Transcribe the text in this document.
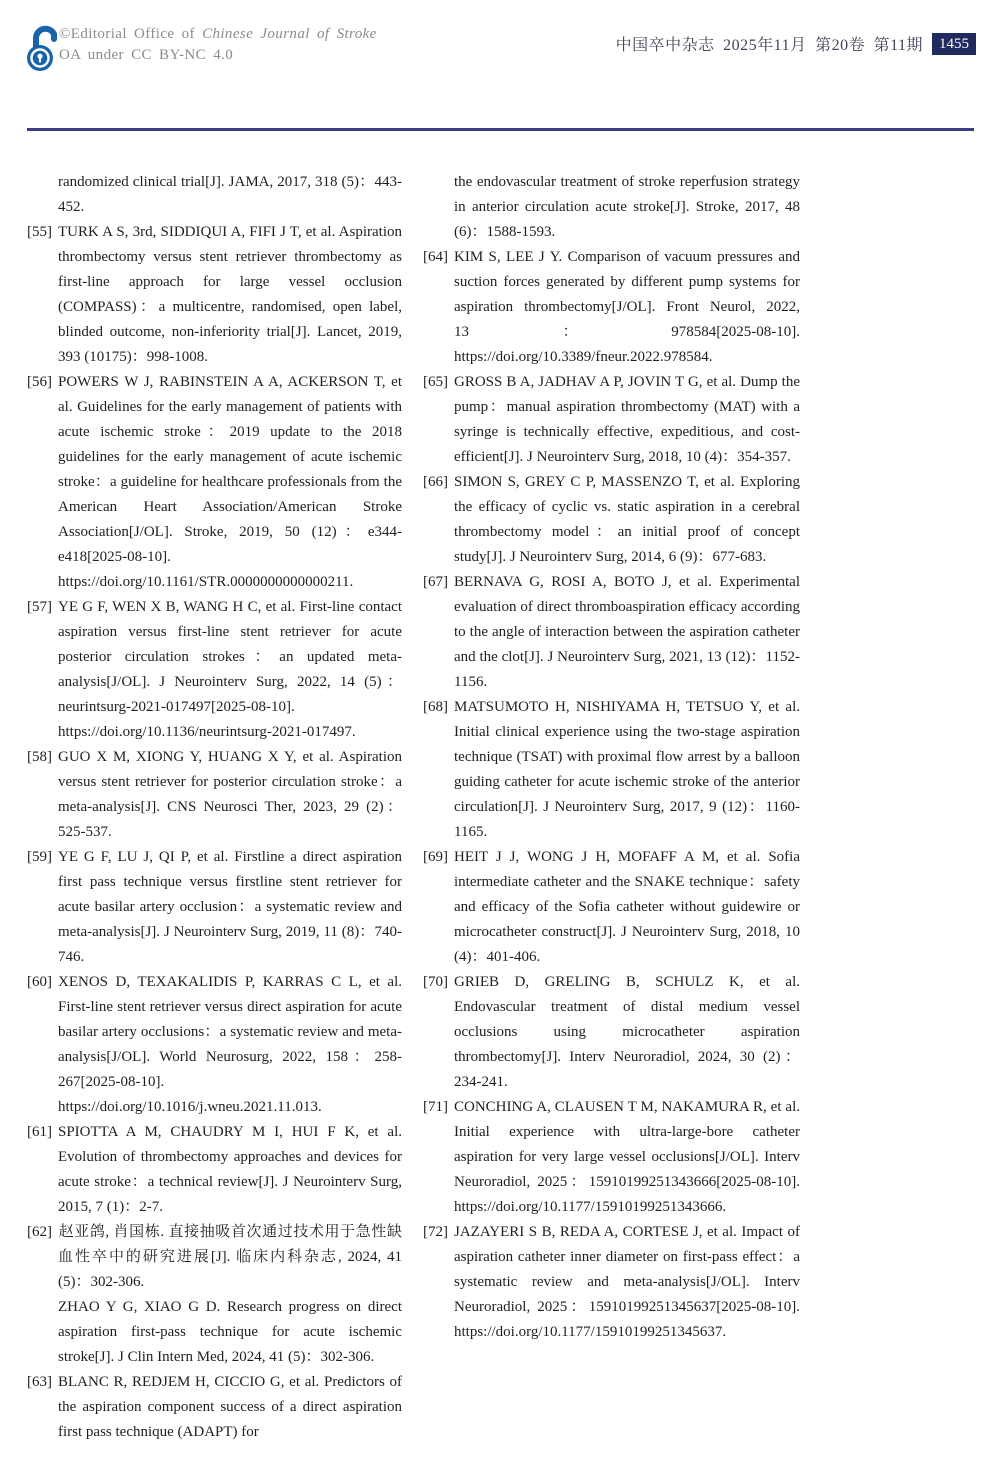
©Editorial Office of Chinese Journal of Stroke
OA under CC BY-NC 4.0
中国卒中杂志 2025年11月 第20卷 第11期	1455

randomized clinical trial[J]. JAMA, 2017, 318 (5)：443-452.

[55] TURK A S, 3rd, SIDDIQUI A, FIFI J T, et al. Aspiration thrombectomy versus stent retriever thrombectomy as first-line approach for large vessel occlusion (COMPASS)：a multicentre, randomised, open label, blinded outcome, non-inferiority trial[J]. Lancet, 2019, 393 (10175)：998-1008.

[56] POWERS W J, RABINSTEIN A A, ACKERSON T, et al. Guidelines for the early management of patients with acute ischemic stroke：2019 update to the 2018 guidelines for the early management of acute ischemic stroke：a guideline for healthcare professionals from the American Heart Association/American Stroke Association[J/OL]. Stroke, 2019, 50 (12)：e344-e418[2025-08-10]. https://doi.org/10.1161/STR.0000000000000211.

[57] YE G F, WEN X B, WANG H C, et al. First-line contact aspiration versus first-line stent retriever for acute posterior circulation strokes：an updated meta-analysis[J/OL]. J Neurointerv Surg, 2022, 14 (5)：neurintsurg-2021-017497[2025-08-10]. https://doi.org/10.1136/neurintsurg-2021-017497.

[58] GUO X M, XIONG Y, HUANG X Y, et al. Aspiration versus stent retriever for posterior circulation stroke：a meta-analysis[J]. CNS Neurosci Ther, 2023, 29 (2)：525-537.

[59] YE G F, LU J, QI P, et al. Firstline a direct aspiration first pass technique versus firstline stent retriever for acute basilar artery occlusion：a systematic review and meta-analysis[J]. J Neurointerv Surg, 2019, 11 (8)：740-746.

[60] XENOS D, TEXAKALIDIS P, KARRAS C L, et al. First-line stent retriever versus direct aspiration for acute basilar artery occlusions：a systematic review and meta-analysis[J/OL]. World Neurosurg, 2022, 158：258-267[2025-08-10]. https://doi.org/10.1016/j.wneu.2021.11.013.

[61] SPIOTTA A M, CHAUDRY M I, HUI F K, et al. Evolution of thrombectomy approaches and devices for acute stroke：a technical review[J]. J Neurointerv Surg, 2015, 7 (1)：2-7.

[62] 赵亚鸽, 肖国栋. 直接抽吸首次通过技术用于急性缺血性卒中的研究进展[J]. 临床内科杂志, 2024, 41 (5)：302-306.

ZHAO Y G, XIAO G D. Research progress on direct aspiration first-pass technique for acute ischemic stroke[J]. J Clin Intern Med, 2024, 41 (5)：302-306.

[63] BLANC R, REDJEM H, CICCIO G, et al. Predictors of the aspiration component success of a direct aspiration first pass technique (ADAPT) for

the endovascular treatment of stroke reperfusion strategy in anterior circulation acute stroke[J]. Stroke, 2017, 48 (6)：1588-1593.

[64] KIM S, LEE J Y. Comparison of vacuum pressures and suction forces generated by different pump systems for aspiration thrombectomy[J/OL]. Front Neurol, 2022, 13：978584[2025-08-10]. https://doi.org/10.3389/fneur.2022.978584.

[65] GROSS B A, JADHAV A P, JOVIN T G, et al. Dump the pump：manual aspiration thrombectomy (MAT) with a syringe is technically effective, expeditious, and cost-efficient[J]. J Neurointerv Surg, 2018, 10 (4)：354-357.

[66] SIMON S, GREY C P, MASSENZO T, et al. Exploring the efficacy of cyclic vs. static aspiration in a cerebral thrombectomy model：an initial proof of concept study[J]. J Neurointerv Surg, 2014, 6 (9)：677-683.

[67] BERNAVA G, ROSI A, BOTO J, et al. Experimental evaluation of direct thromboaspiration efficacy according to the angle of interaction between the aspiration catheter and the clot[J]. J Neurointerv Surg, 2021, 13 (12)：1152-1156.

[68] MATSUMOTO H, NISHIYAMA H, TETSUO Y, et al. Initial clinical experience using the two-stage aspiration technique (TSAT) with proximal flow arrest by a balloon guiding catheter for acute ischemic stroke of the anterior circulation[J]. J Neurointerv Surg, 2017, 9 (12)：1160-1165.

[69] HEIT J J, WONG J H, MOFAFF A M, et al. Sofia intermediate catheter and the SNAKE technique：safety and efficacy of the Sofia catheter without guidewire or microcatheter construct[J]. J Neurointerv Surg, 2018, 10 (4)：401-406.

[70] GRIEB D, GRELING B, SCHULZ K, et al. Endovascular treatment of distal medium vessel occlusions using microcatheter aspiration thrombectomy[J]. Interv Neuroradiol, 2024, 30 (2)：234-241.

[71] CONCHING A, CLAUSEN T M, NAKAMURA R, et al. Initial experience with ultra-large-bore catheter aspiration for very large vessel occlusions[J/OL]. Interv Neuroradiol, 2025：15910199251343666[2025-08-10]. https://doi.org/10.1177/15910199251343666.

[72] JAZAYERI S B, REDA A, CORTESE J, et al. Impact of aspiration catheter inner diameter on first-pass effect：a systematic review and meta-analysis[J/OL]. Interv Neuroradiol, 2025：15910199251345637[2025-08-10]. https://doi.org/10.1177/15910199251345637.
